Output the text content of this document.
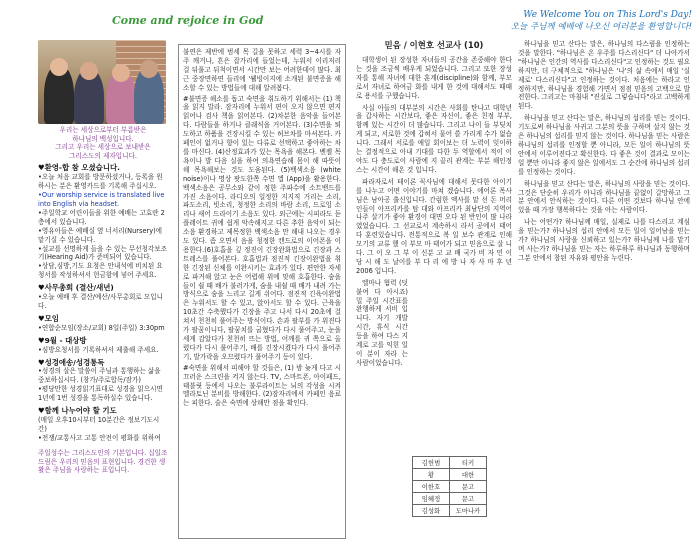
Come and rejoice in God	We Welcome You on This Lord's Day!
오늘 주님께 예배에 나오신 여러분을 환영합니다!
우리는 세상으로부터 부름받은
하나님의 백성입니다.
그리고 우리는 세상으로 보내받은
그리스도의 제자입니다.
♥환영-합 참 오셨습니다.

•오늘 처음 교회를 방문하셨거나, 등록을 원하시는 분은 환영카드를 기록해 주십시오.

•Our worship service is translated live into English via headset.

•주일학교 어린이들을 위한 예배는 고효란 2층에서 있습니다.

•영유아들은 예배실 옆 너서리(Nursery)에 맡기실 수 있습니다.

•설교를 선명하게 들을 수 있는 무선청각보조기(Hearing Aid)가 준비되어 있습니다.

•상담,심방,기도 요청은 안내석에 비치된 요청서를 작성하셔서 헌금함에 넣어 주세요.

♥사무총회 (결산/새년)

•오늘 예배 후 결산/예산/사무총회로 모입니다.

♥모임

•연합순모임(장소/교회) 8일(주일) 3:30pm

♥9월 - 대상방

•심방요청서를 기록하셔서 제출해 주세요.

♥성경애송/성경통독

•성경의 살은 말씀이 주님과 통행하는 삶을 중보하십시다. (창가/주로합독/잠가)

•평당만한 성경읽기표대로 성경을 읽으시면 1년에 1번 성경을 통독하실수 있습니다.

♥함께 나누어야 할 기도

(매일 오후10시부터 10분간은 정보기도시간)

•전쟁/교통사고 고통 안전이 평화를 위하여

주일성수는 그리스도인의 기본입니다. 십일조 드림은 우리의 믿음의 표현입니다. 경건한 생활은 주님을 사랑하는 표입니다.

불연은 제반에 범세 목 길을 못하고 세력 3~4시를 자주 깨거나, 흔은 잡가리에 들었는데, 누워서 이리저리 걸 뒤풀고 뒤척이면서 시간만 보는 어려한데이 많다. 최근 중장면하연 들리에 '웰빙이지에 소개된 불면증을 해소할 수 있는 방법들에 대해 알려봅다.

#불면증 해소를 돕고 숙면을 취도하기 위해서는 (1) 책을 읽지 말라. 잠자리에 누워서 편이 오지 않으면 편지 읽어나 검사 책을 읽어본다. (2)차분한 음악을 들어본다. 다람들을 하거나 클래식을 거어본다. (3)수면을 퇴도하고 하품을 건장시킬 수 있는 허브차를 마셔본다. 카페인이 없거나 향이 있는 다류로 선택하고 좋아하는 차를 마신다. (4)산정효과가 있는 목욕을 해본다. 벤젤 목욕이나 발 다음 실을 하여 의욕연습해 몸이 해 따뜻이 해 목욕해보는 것도 도움된다. (5)백색소음 (white noise)이나 명상 팟도한쪽 수면 앱 (App)을 활용한다. 백색소음은 공무소와 같이 정한 주파수에 소트밴드를 가진 소음이다. 라디오의 일정한 지지직 거리는 소리, 파도소리, 빗소리, 청정한 소리의 바람 소리, 드로잉 소리나 새어 드라이기 소음도 있다. 외근에는 시피라도 듣 플레이트 귀에 쉽게 악속해지고 다른 추한 음악이 되는 소음 환경하고 제목정한 백색소음 만 해내 나오는 경우도 있다. 좀 오면서 음을 청정한 캔드로의 이어폰을 이용한다.(6)호흡을 깊 정진이 긴장완화법으로 긴장과 스트레스를 풀어본다. 호흡법과 점진적 긴장이완법을 취한 긴장된 신체를 이완시키는 효과가 있다. 편안한 자세로 파거해 앉고 눈은 어렵해 위에 맞해 호흡한다. 숨을 들이 쉴 때 배가 불러가게, 숨을 내쉴 때 배가 내려 가는 방식으로 숨을 느리고 길게 쉬어다. 점진적 긴육이완법은 누워서도 할 수 있고, 앉아서도 할 수 있다. 근육을 10초간 수축했다가 긴장을 주고 나서 다시 20초에 걸쳐서 천천히 풀어주는 방식이다. 손과 팔부를 가 위진다가 팔꿈이니다, 팔꿈치를 굽혔다가 다시 풀어주고, 눈을 세게 감았다가 천천히 뜨는 방법, 어깨를 귀 쪽으로 올렸다가 다시 풀어주기, 배를 긴장시켰다가 다시 풀어주기, 발가락을 오므렸다가 풀어주기 등이 있다.

#숙면을 위해서 피해야 할 것들은, (1) 밤 늦게 다고 시끄러운 스크린을 켜지 않는다. TV, 스마트폰, 아이패드, 태블릿 등에서 나오는 불루라이트는 뇌의 각성을 시켜 멜라토닌 분비를 방해한다. (2)잠자리에서 카페인 음료는 피한다. 술은 숙면에 상해만 점을 확인다.

믿음 / 이현호 선교사 (10)

대학생이 된 장성한 자녀들의 공간을 존중해야 한다는 것을 조금씩 배우게 되었습니다. 그리고 또한 장성자를 통해 자녀에 대한 훈계(discipline)와 함께, 부모로서 자녀로 하여금 화를 내게 한 것에 대해서도 때때로 용서를 구했습니다.

사실 아들의 대부분의 시간은 사회를 탄나고 대학년을 갑사하는 시간보다, 좋은 자신이, 좋은 친정 부부, 함께 있는 시간이 더 많습니다. 그리고 나이 들 부딪치게 되고, 서로한 것에 갑혀서 물어 쓸 가리게 수가 없습니다. 그래서 서로를 애일 회이보는 더 노력이 잊이하는 결정적으로 아내 기대를 다한 두 역할에서 적이 이야도 다 충도로이 사람에 지 끝리 관계는 부분 해인정스는 시간이 해온 것 입니다.

파라자로서 테이론 꼭사님에 대해서 못다한 아이기를 나누고 어떤 이야기를 마쳐 겠습니다. 에어론 목사님은 남아공 출신입니다. 간럼한 액사를 맡 선 돈 머리인들이 아프리카를 탐 대와 아프리카 최남단의 지역어 나주 살기가 좋아 환경이 대면 오다 된 반인이 많 나라였었습니다. 그 선교로서 계속하시 라서 공에서 태어 다 훈련있습니다. 전통적으로 복 일 보수 관계로 인해 모기의 교류 했 이 부모 마 태어가 되고 믿음으로 살 니다. 그 이 오 그 부 이 신분 고 교 배 국가 비 자 민 이 당 시 해 도 날이를 부 다 리 에 방 나 자 사 마 후 년 2006 입니다.

엘마나 혐력 (덧붙여 다 아시죠) 밀 주일 시간표를 완행하게 서비 입니다. 자기 개발 시간, 휴식 시간 등을 하여 다스 지 계로 고를 익힌 일 이 분이 자라 는 사람이었습니다.

김헌범	티키
황	대한
이한호	문고
임혜정	문고
김성화	도마나카

하나님을 믿고 산다는 말은, 하나님의 다스림을 인정하는 것을 말한다. "하나님은 온 우주를 다스리신다" 더 나아가서 "하나님은 인간의 역사를 다스리신다"고 인정하는 것도 필요하지만, 더 구체적으로 "하나님은 '나'의 삶 속에서 매일 '실제로' 다스리신다"고 인정하는 것이다. 처음에는 하라고 인정하지만, 하나님을 경험해 가면서 점점 믿음의 고백으로 발전한다. 그리고는 마침내 "진실로 그렇습니다"라고 고백하게 된다.

하나님을 믿고 산다는 말은, 하나님의 섭리를 믿는 것이다. 기도로써 하나님을 사귀고 그분의 뜻을 구하며 살지 않는 것은 하나님의 섭리를 믿지 않는 것이다. 하나님을 믿는 사람은 하나님의 섭리를 인정할 뿐 아니라, 모든 일이 하나님의 뜻 안에서 이루어진다고 확신한다. 다 좋은 것이 결과로 모이는 일 뿐만 아니라 좋지 않은 일에서도 그 순간에 하나님의 섭리를 인정하는 것이다.

하나님을 믿고 산다는 말은, 하나님의 사랑을 믿는 것이다. 그것은 단순히 우리가 아니라 하나님을 끝없이 갈망하고 그분 안에서 안식하는 것이다. 다른 어떤 것보다 하나님 안에 있을 때 가장 행복하다는 것을 아는 사람이다.

나는 어떤가? 하나님께 매일, 실제로 나를 다스리고 계심을 믿는가? 하나님의 섭리 안에서 모든 일이 일어남을 믿는가? 하나님의 사랑을 신뢰하고 있는가? 하나님께 나를 맡기며 사는가? 하나님을 믿는 자는 하루하루 하나님과 동행하며 그분 안에서 참된 자유와 평안을 누린다.
